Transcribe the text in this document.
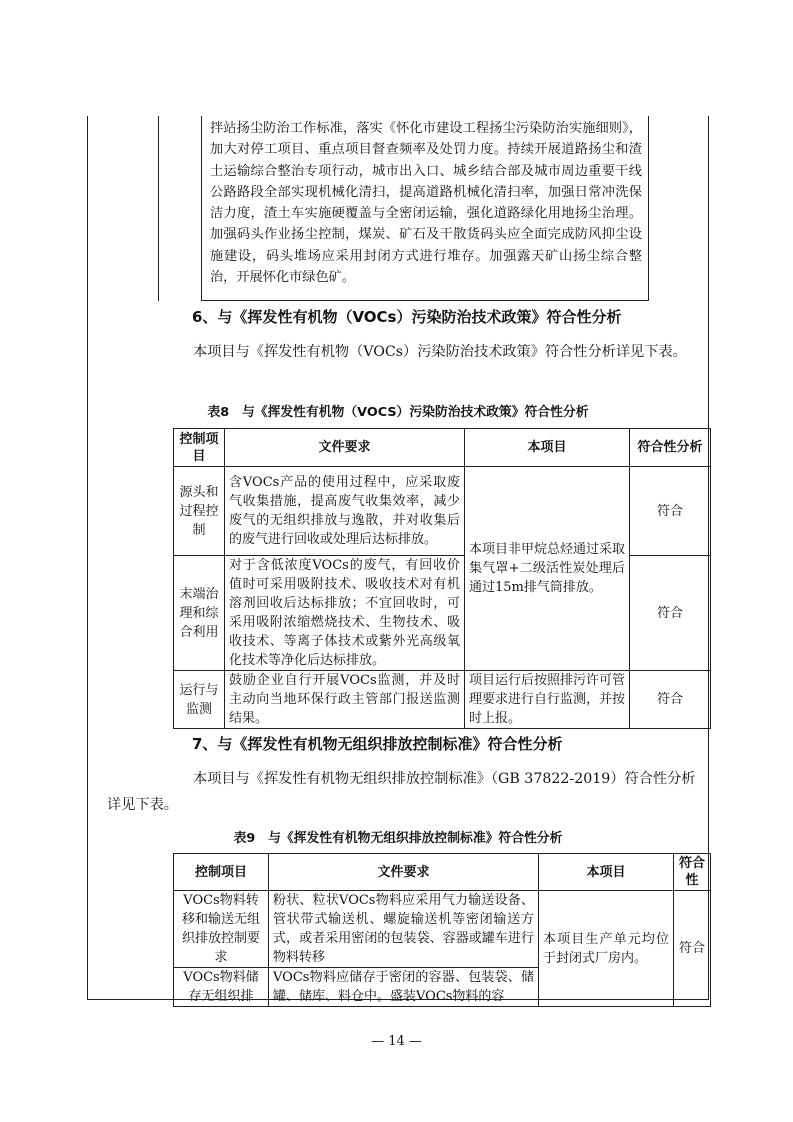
拌站扬尘防治工作标准，落实《怀化市建设工程扬尘污染防治实施细则》，加大对停工项目、重点项目督查频率及处罚力度。持续开展道路扬尘和渣土运输综合整治专项行动，城市出入口、城乡结合部及城市周边重要干线公路路段全部实现机械化清扫，提高道路机械化清扫率，加强日常冲洗保洁力度，渣土车实施硬覆盖与全密闭运输，强化道路绿化用地扬尘治理。加强码头作业扬尘控制，煤炭、矿石及干散货码头应全面完成防风抑尘设施建设，码头堆场应采用封闭方式进行堆存。加强露天矿山扬尘综合整治，开展怀化市绿色矿。
6、与《挥发性有机物（VOCs）污染防治技术政策》符合性分析
本项目与《挥发性有机物（VOCs）污染防治技术政策》符合性分析详见下表。
表8　与《挥发性有机物（VOCS）污染防治技术政策》符合性分析
控制项目	文件要求	本项目	符合性分析
源头和过程控制	含VOCs产品的使用过程中，应采取废气收集措施，提高废气收集效率，减少废气的无组织排放与逸散，并对收集后的废气进行回收或处理后达标排放。	本项目非甲烷总烃通过采取集气罩+二级活性炭处理后通过15m排气筒排放。	符合
末端治理和综合利用	对于含低浓度VOCs的废气，有回收价值时可采用吸附技术、吸收技术对有机溶剂回收后达标排放；不宜回收时，可采用吸附浓缩燃烧技术、生物技术、吸收技术、等离子体技术或紫外光高级氧化技术等净化后达标排放。		符合
运行与监测	鼓励企业自行开展VOCs监测，并及时主动向当地环保行政主管部门报送监测结果。	项目运行后按照排污许可管理要求进行自行监测，并按时上报。	符合
7、与《挥发性有机物无组织排放控制标准》符合性分析
本项目与《挥发性有机物无组织排放控制标准》（GB 37822-2019）符合性分析详见下表。
表9　与《挥发性有机物无组织排放控制标准》符合性分析
控制项目	文件要求	本项目	符合性
VOCs物料转移和输送无组织排放控制要求	粉状、粒状VOCs物料应采用气力输送设备、管状带式输送机、螺旋输送机等密闭输送方式，或者采用密闭的包装袋、容器或罐车进行物料转移	本项目生产单元均位于封闭式厂房内。	符合
VOCs物料储存无组织排	VOCs物料应储存于密闭的容器、包装袋、储罐、储库、料仓中。盛装VOCs物料的容		
— 14 —
